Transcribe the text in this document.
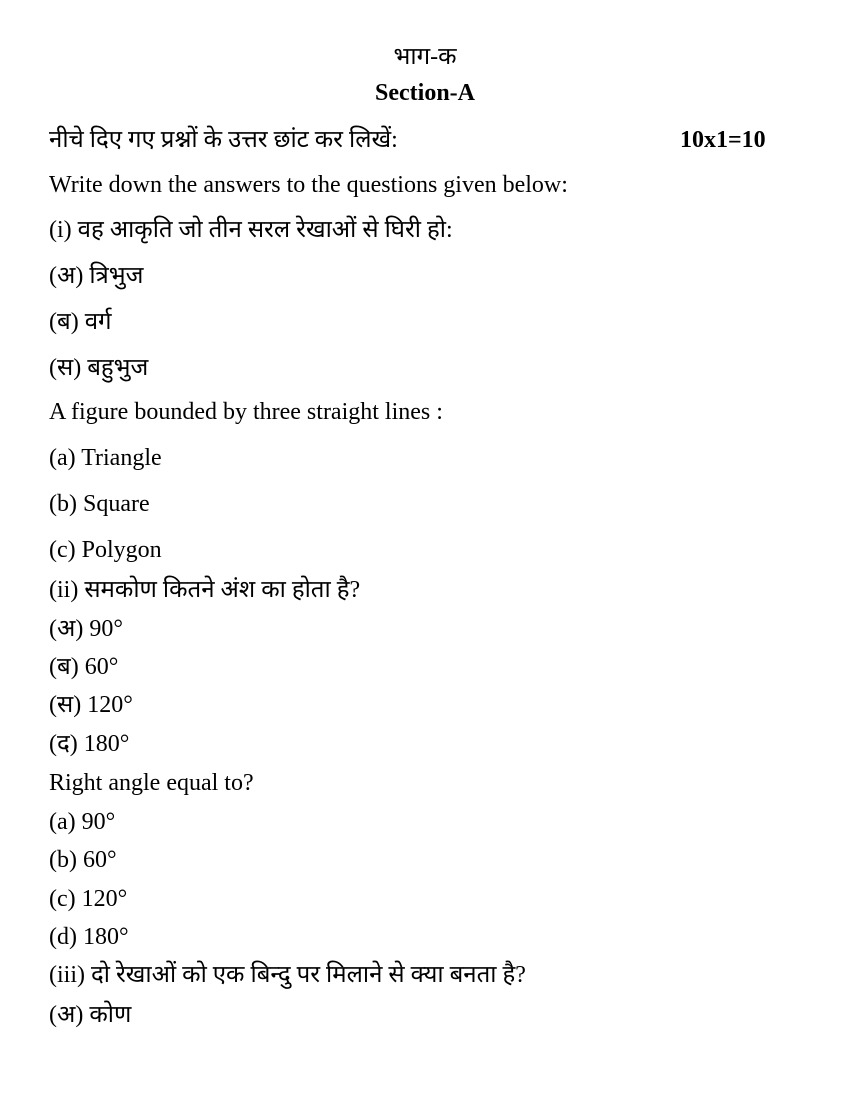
भाग-क
Section-A
नीचे दिए गए प्रश्नों के उत्तर छांट कर लिखें:	10x1=10
Write down the answers to the questions given below:
(i) वह आकृति जो तीन सरल रेखाओं से घिरी हो:
(अ) त्रिभुज
(ब) वर्ग
(स) बहुभुज
A figure bounded by three straight lines :
(a) Triangle
(b) Square
(c) Polygon
(ii) समकोण कितने अंश का होता है?
(अ) 90°
(ब) 60°
(स) 120°
(द) 180°
Right angle equal to?
(a) 90°
(b) 60°
(c) 120°
(d) 180°
(iii) दो रेखाओं को एक बिन्दु पर मिलाने से क्या बनता है?
(अ) कोण
